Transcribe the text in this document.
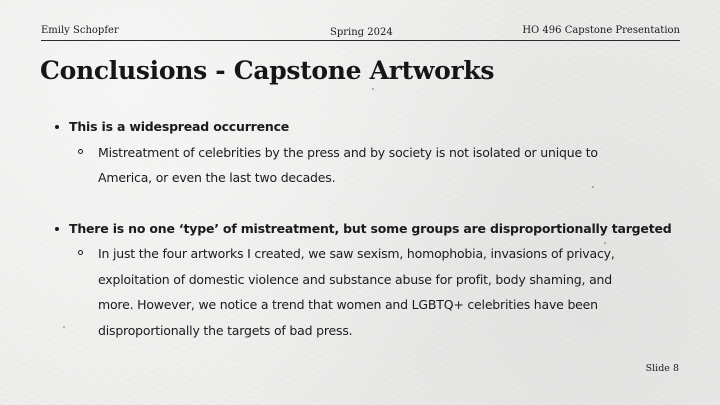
Emily Schopfer	Spring 2024	HO 496 Capstone Presentation
Conclusions - Capstone Artworks
This is a widespread occurrence
Mistreatment of celebrities by the press and by society is not isolated or unique to America, or even the last two decades.
There is no one ‘type’ of mistreatment, but some groups are disproportionally targeted
In just the four artworks I created, we saw sexism, homophobia, invasions of privacy, exploitation of domestic violence and substance abuse for profit, body shaming, and more. However, we notice a trend that women and LGBTQ+ celebrities have been disproportionally the targets of bad press.
Slide 8
